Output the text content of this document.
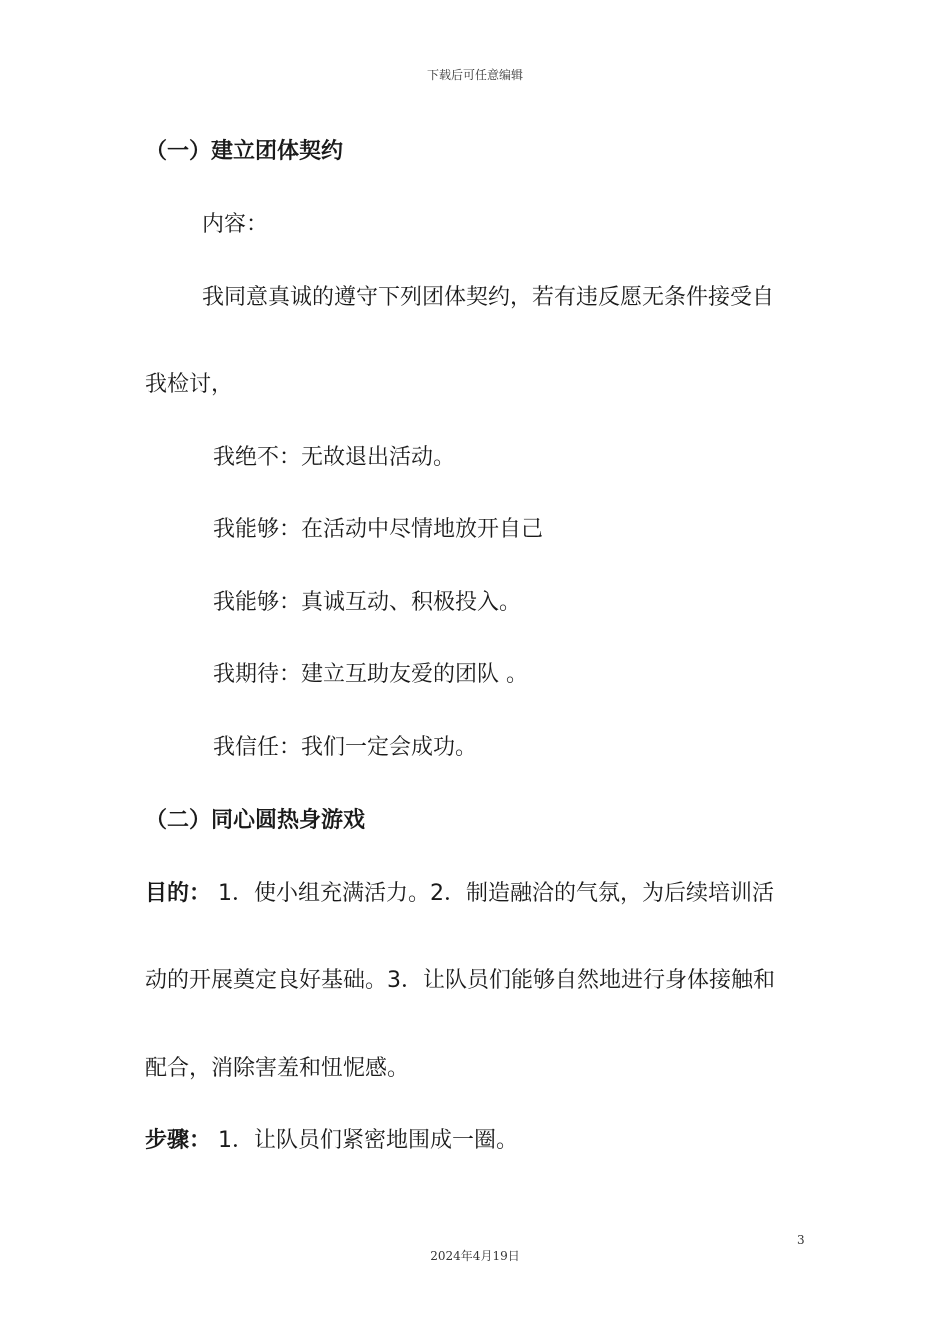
下载后可任意编辑
（一）建立团体契约
内容：
我同意真诚的遵守下列团体契约，若有违反愿无条件接受自
我检讨，
我绝不：无故退出活动。
我能够：在活动中尽情地放开自己
我能够：真诚互动、积极投入。
我期待：建立互助友爱的团队 。
我信任：我们一定会成功。
（二）同心圆热身游戏
目的： 1．使小组充满活力。2．制造融洽的气氛，为后续培训活
动的开展奠定良好基础。3．让队员们能够自然地进行身体接触和
配合，消除害羞和忸怩感。
步骤： 1．让队员们紧密地围成一圈。
3
2024年4月19日
